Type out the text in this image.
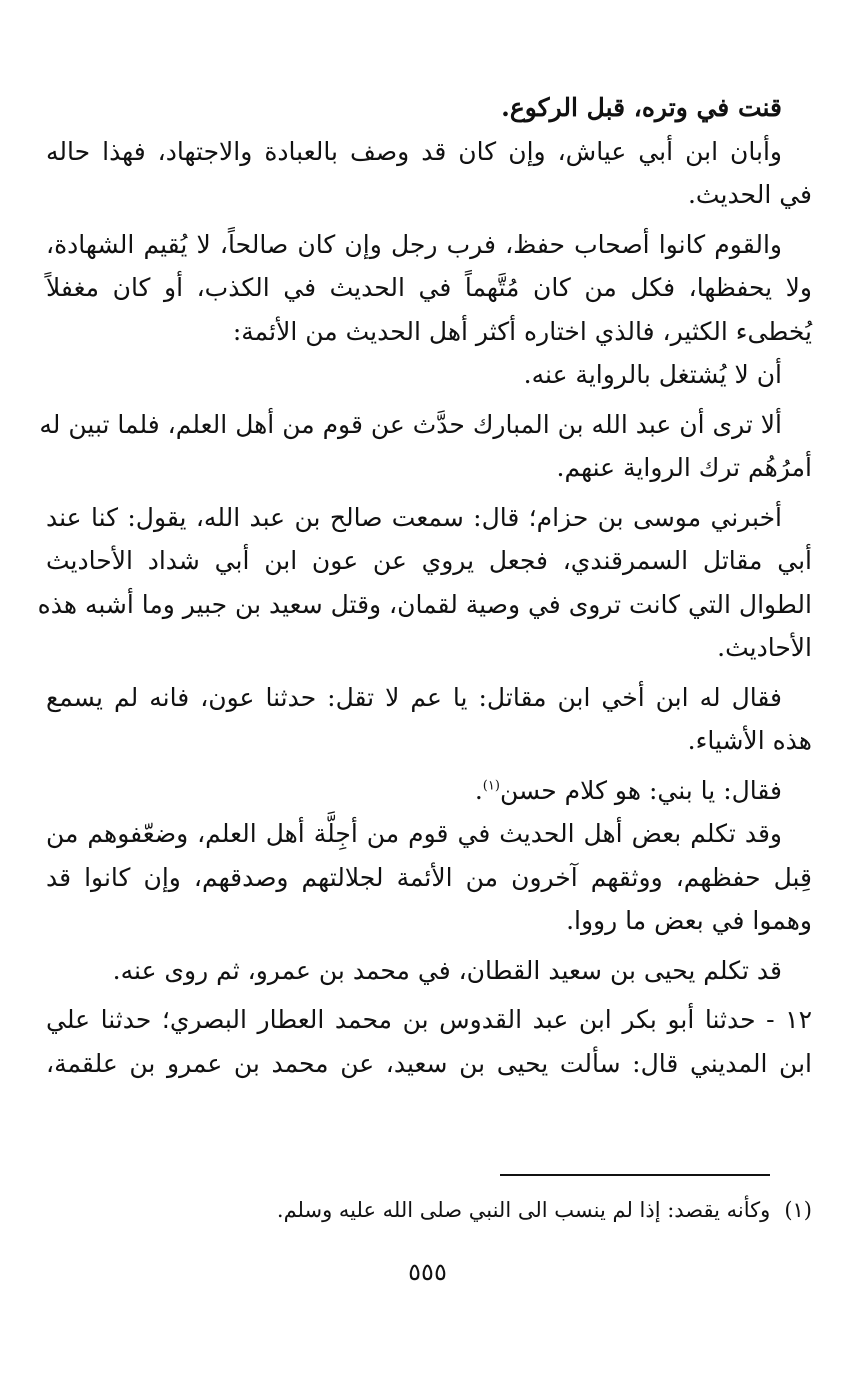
قنت في وتره، قبل الركوع.
وأبان ابن أبي عياش، وإن كان قد وصف بالعبادة والاجتهاد، فهذا حاله
في الحديث.
والقوم كانوا أصحاب حفظ، فرب رجل وإن كان صالحاً، لا يُقيم الشهادة،
ولا يحفظها، فكل من كان مُتَّهماً في الحديث في الكذب، أو كان مغفلاً
يُخطىء الكثير، فالذي اختاره أكثر أهل الحديث من الأئمة:
أن لا يُشتغل بالرواية عنه.
ألا ترى أن عبد الله بن المبارك حدَّث عن قوم من أهل العلم، فلما تبين له
أمرُهُم ترك الرواية عنهم.
أخبرني موسى بن حزام؛ قال: سمعت صالح بن عبد الله، يقول: كنا عند
أبي مقاتل السمرقندي، فجعل يروي عن عون ابن أبي شداد الأحاديث
الطوال التي كانت تروى في وصية لقمان، وقتل سعيد بن جبير وما أشبه هذه
الأحاديث.
فقال له ابن أخي ابن مقاتل: يا عم لا تقل: حدثنا عون، فانه لم يسمع
هذه الأشياء.
فقال: يا بني: هو كلام حسن$^{(١)}$.
وقد تكلم بعض أهل الحديث في قوم من أجِلَّة أهل العلم، وضعّفوهم من
قِبل حفظهم، ووثقهم آخرون من الأئمة لجلالتهم وصدقهم، وإن كانوا قد
وهموا في بعض ما رووا.
قد تكلم يحيى بن سعيد القطان، في محمد بن عمرو، ثم روى عنه.
١٢ - حدثنا أبو بكر ابن عبد القدوس بن محمد العطار البصري؛ حدثنا علي
ابن المديني قال: سألت يحيى بن سعيد، عن محمد بن عمرو بن علقمة،
(١)وكأنه يقصد: إذا لم ينسب الى النبي صلى الله عليه وسلم.
٥٥٥
